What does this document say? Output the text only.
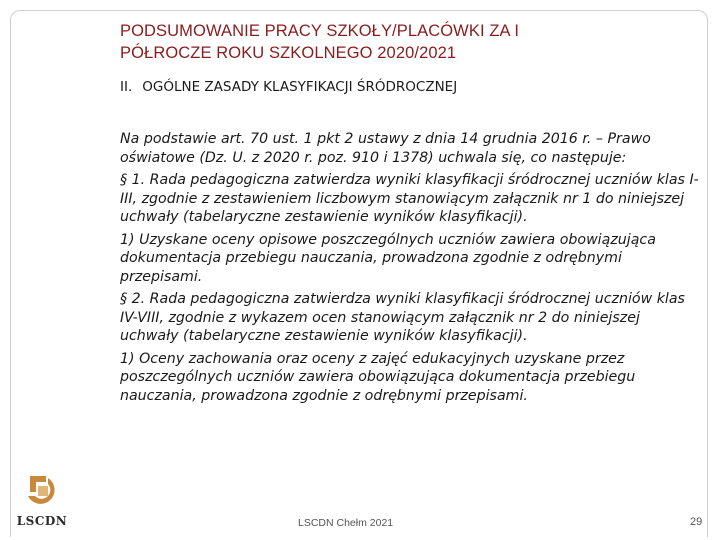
PODSUMOWANIE PRACY SZKOŁY/PLACÓWKI ZA I
PÓŁROCZE ROKU SZKOLNEGO 2020/2021
II. OGÓLNE ZASADY KLASYFIKACJI ŚRÓDROCZNEJ

Na podstawie art. 70 ust. 1 pkt 2 ustawy z dnia 14 grudnia 2016 r. – Prawo oświatowe (Dz. U. z 2020 r. poz. 910 i 1378) uchwala się, co następuje:

§ 1. Rada pedagogiczna zatwierdza wyniki klasyfikacji śródrocznej uczniów klas I-III, zgodnie z zestawieniem liczbowym stanowiącym załącznik nr 1 do niniejszej uchwały (tabelaryczne zestawienie wyników klasyfikacji).

1) Uzyskane oceny opisowe poszczególnych uczniów zawiera obowiązująca dokumentacja przebiegu nauczania, prowadzona zgodnie z odrębnymi przepisami.

§ 2. Rada pedagogiczna zatwierdza wyniki klasyfikacji śródrocznej uczniów klas IV-VIII, zgodnie z wykazem ocen stanowiącym załącznik nr 2 do niniejszej uchwały (tabelaryczne zestawienie wyników klasyfikacji).

1) Oceny zachowania oraz oceny z zajęć edukacyjnych uzyskane przez poszczególnych uczniów zawiera obowiązująca dokumentacja przebiegu nauczania, prowadzona zgodnie z odrębnymi przepisami.

LSCDN	LSCDN Chełm 2021	29
